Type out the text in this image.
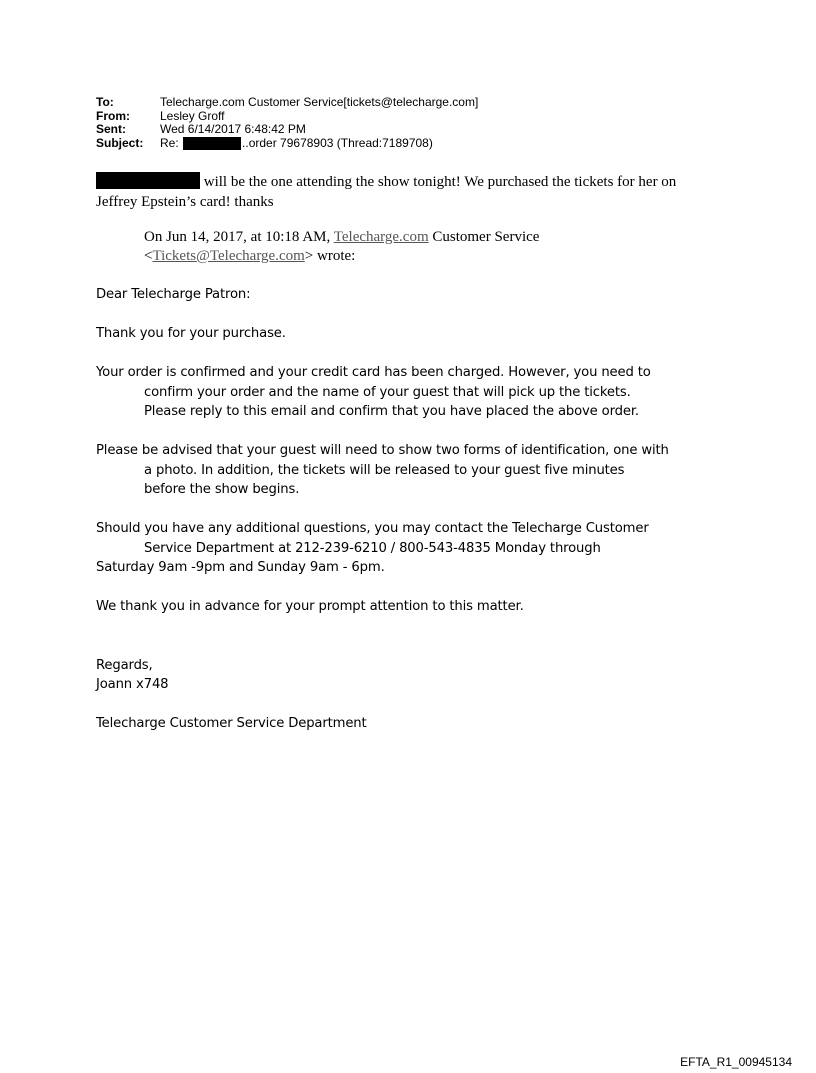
To:	Telecharge.com Customer Service[tickets@telecharge.com]
From:	Lesley Groff
Sent:	Wed 6/14/2017 6:48:42 PM
Subject:	Re:	..order 79678903 (Thread:7189708)
will be the one attending the show tonight! We purchased the tickets for her on
Jeffrey Epstein’s card! thanks
On Jun 14, 2017, at 10:18 AM, Telecharge.com Customer Service
<Tickets@Telecharge.com> wrote:

Dear Telecharge Patron:

Thank you for your purchase.

Your order is confirmed and your credit card has been charged. However, you need to

confirm your order and the name of your guest that will pick up the tickets.

Please reply to this email and confirm that you have placed the above order.

Please be advised that your guest will need to show two forms of identification, one with

a photo. In addition, the tickets will be released to your guest five minutes

before the show begins.

Should you have any additional questions, you may contact the Telecharge Customer

Service Department at 212-239-6210 / 800-543-4835 Monday through

Saturday 9am -9pm and Sunday 9am - 6pm.

We thank you in advance for your prompt attention to this matter.

Regards,

Joann x748

Telecharge Customer Service Department

EFTA_R1_00945134
